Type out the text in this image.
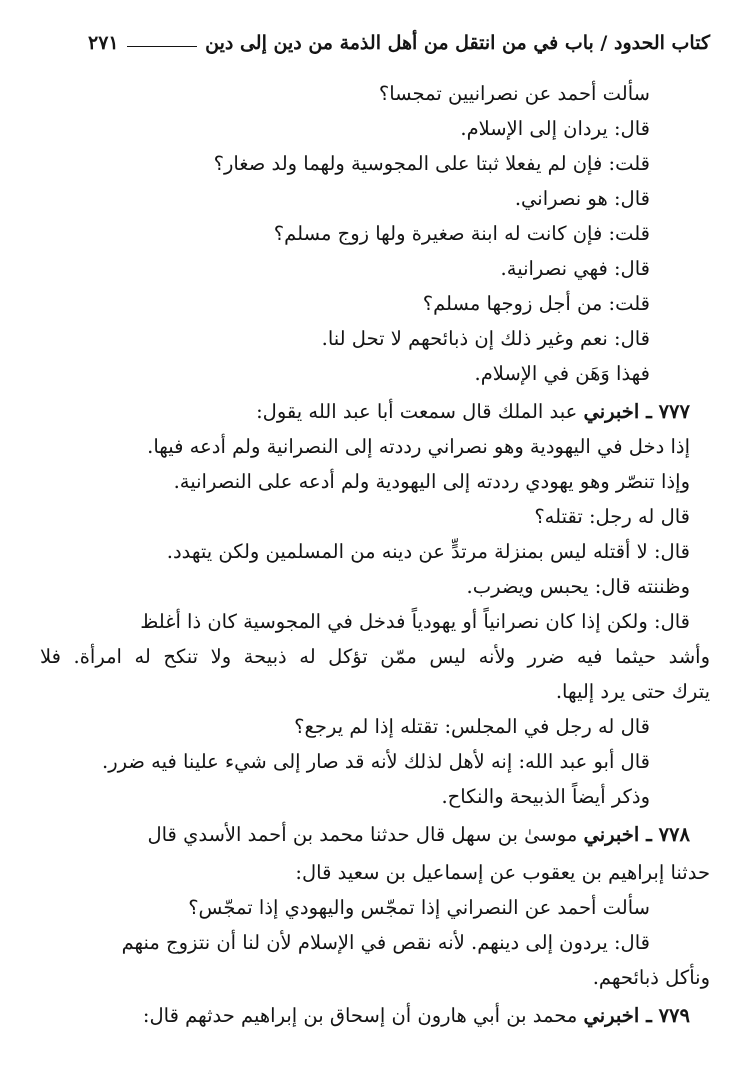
كتاب الحدود / باب في من انتقل من أهل الذمة من دين إلى دين
٢٧١
سألت أحمد عن نصرانيين تمجسا؟
قال: يردان إلى الإسلام.
قلت: فإن لم يفعلا ثبتا على المجوسية ولهما ولد صغار؟
قال: هو نصراني.
قلت: فإن كانت له ابنة صغيرة ولها زوج مسلم؟
قال: فهي نصرانية.
قلت: من أجل زوجها مسلم؟
قال: نعم وغير ذلك إن ذبائحهم لا تحل لنا.
فهذا وَهَن في الإسلام.
٧٧٧ ـ اخبرني عبد الملك قال سمعت أبا عبد الله يقول:
إذا دخل في اليهودية وهو نصراني رددته إلى النصرانية ولم أدعه فيها.
وإذا تنصّر وهو يهودي رددته إلى اليهودية ولم أدعه على النصرانية.
قال له رجل: تقتله؟
قال: لا أقتله ليس بمنزلة مرتدٍّ عن دينه من المسلمين ولكن يتهدد.
وظننته قال: يحبس ويضرب.
قال: ولكن إذا كان نصرانياً أو يهودياً فدخل في المجوسية كان ذا أغلظ
وأشد حيثما فيه ضرر ولأنه ليس ممّن تؤكل له ذبيحة ولا تنكح له امرأة. فلا
يترك حتى يرد إليها.
قال له رجل في المجلس: تقتله إذا لم يرجع؟
قال أبو عبد الله: إنه لأهل لذلك لأنه قد صار إلى شيء علينا فيه ضرر.
وذكر أيضاً الذبيحة والنكاح.
٧٧٨ ـ اخبرني موسىٰ بن سهل قال حدثنا محمد بن أحمد الأسدي قال
حدثنا إبراهيم بن يعقوب عن إسماعيل بن سعيد قال:
سألت أحمد عن النصراني إذا تمجّس واليهودي إذا تمجّس؟
قال: يردون إلى دينهم. لأنه نقص في الإسلام لأن لنا أن نتزوج منهم
ونأكل ذبائحهم.
٧٧٩ ـ اخبرني محمد بن أبي هارون أن إسحاق بن إبراهيم حدثهم قال:
